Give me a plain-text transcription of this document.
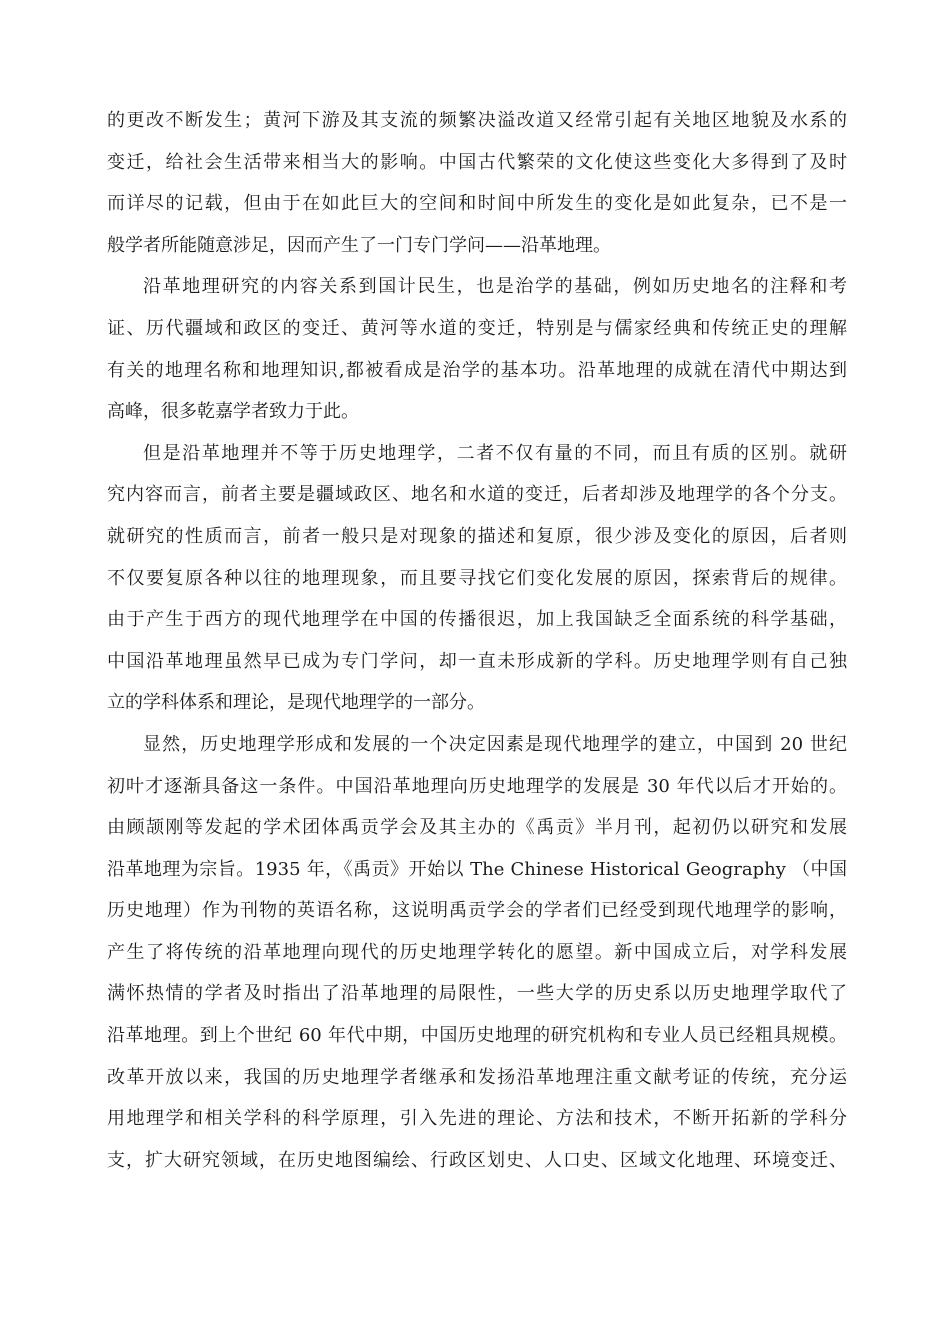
的更改不断发生；黄河下游及其支流的频繁决溢改道又经常引起有关地区地貌及水系的
变迁，给社会生活带来相当大的影响。中国古代繁荣的文化使这些变化大多得到了及时
而详尽的记载，但由于在如此巨大的空间和时间中所发生的变化是如此复杂，已不是一
般学者所能随意涉足，因而产生了一门专门学问——沿革地理。
沿革地理研究的内容关系到国计民生，也是治学的基础，例如历史地名的注释和考
证、历代疆域和政区的变迁、黄河等水道的变迁，特别是与儒家经典和传统正史的理解
有关的地理名称和地理知识,都被看成是治学的基本功。沿革地理的成就在清代中期达到
高峰，很多乾嘉学者致力于此。
但是沿革地理并不等于历史地理学，二者不仅有量的不同，而且有质的区别。就研
究内容而言，前者主要是疆域政区、地名和水道的变迁，后者却涉及地理学的各个分支。
就研究的性质而言，前者一般只是对现象的描述和复原，很少涉及变化的原因，后者则
不仅要复原各种以往的地理现象，而且要寻找它们变化发展的原因，探索背后的规律。
由于产生于西方的现代地理学在中国的传播很迟，加上我国缺乏全面系统的科学基础，
中国沿革地理虽然早已成为专门学问，却一直未形成新的学科。历史地理学则有自己独
立的学科体系和理论，是现代地理学的一部分。
显然，历史地理学形成和发展的一个决定因素是现代地理学的建立，中国到 20 世纪
初叶才逐渐具备这一条件。中国沿革地理向历史地理学的发展是 30 年代以后才开始的。
由顾颉刚等发起的学术团体禹贡学会及其主办的《禹贡》半月刊，起初仍以研究和发展
沿革地理为宗旨。1935 年，《禹贡》开始以 The Chinese Historical Geography （中国
历史地理）作为刊物的英语名称，这说明禹贡学会的学者们已经受到现代地理学的影响，
产生了将传统的沿革地理向现代的历史地理学转化的愿望。新中国成立后，对学科发展
满怀热情的学者及时指出了沿革地理的局限性，一些大学的历史系以历史地理学取代了
沿革地理。到上个世纪 60 年代中期，中国历史地理的研究机构和专业人员已经粗具规模。
改革开放以来，我国的历史地理学者继承和发扬沿革地理注重文献考证的传统，充分运
用地理学和相关学科的科学原理，引入先进的理论、方法和技术，不断开拓新的学科分
支，扩大研究领域，在历史地图编绘、行政区划史、人口史、区域文化地理、环境变迁、
